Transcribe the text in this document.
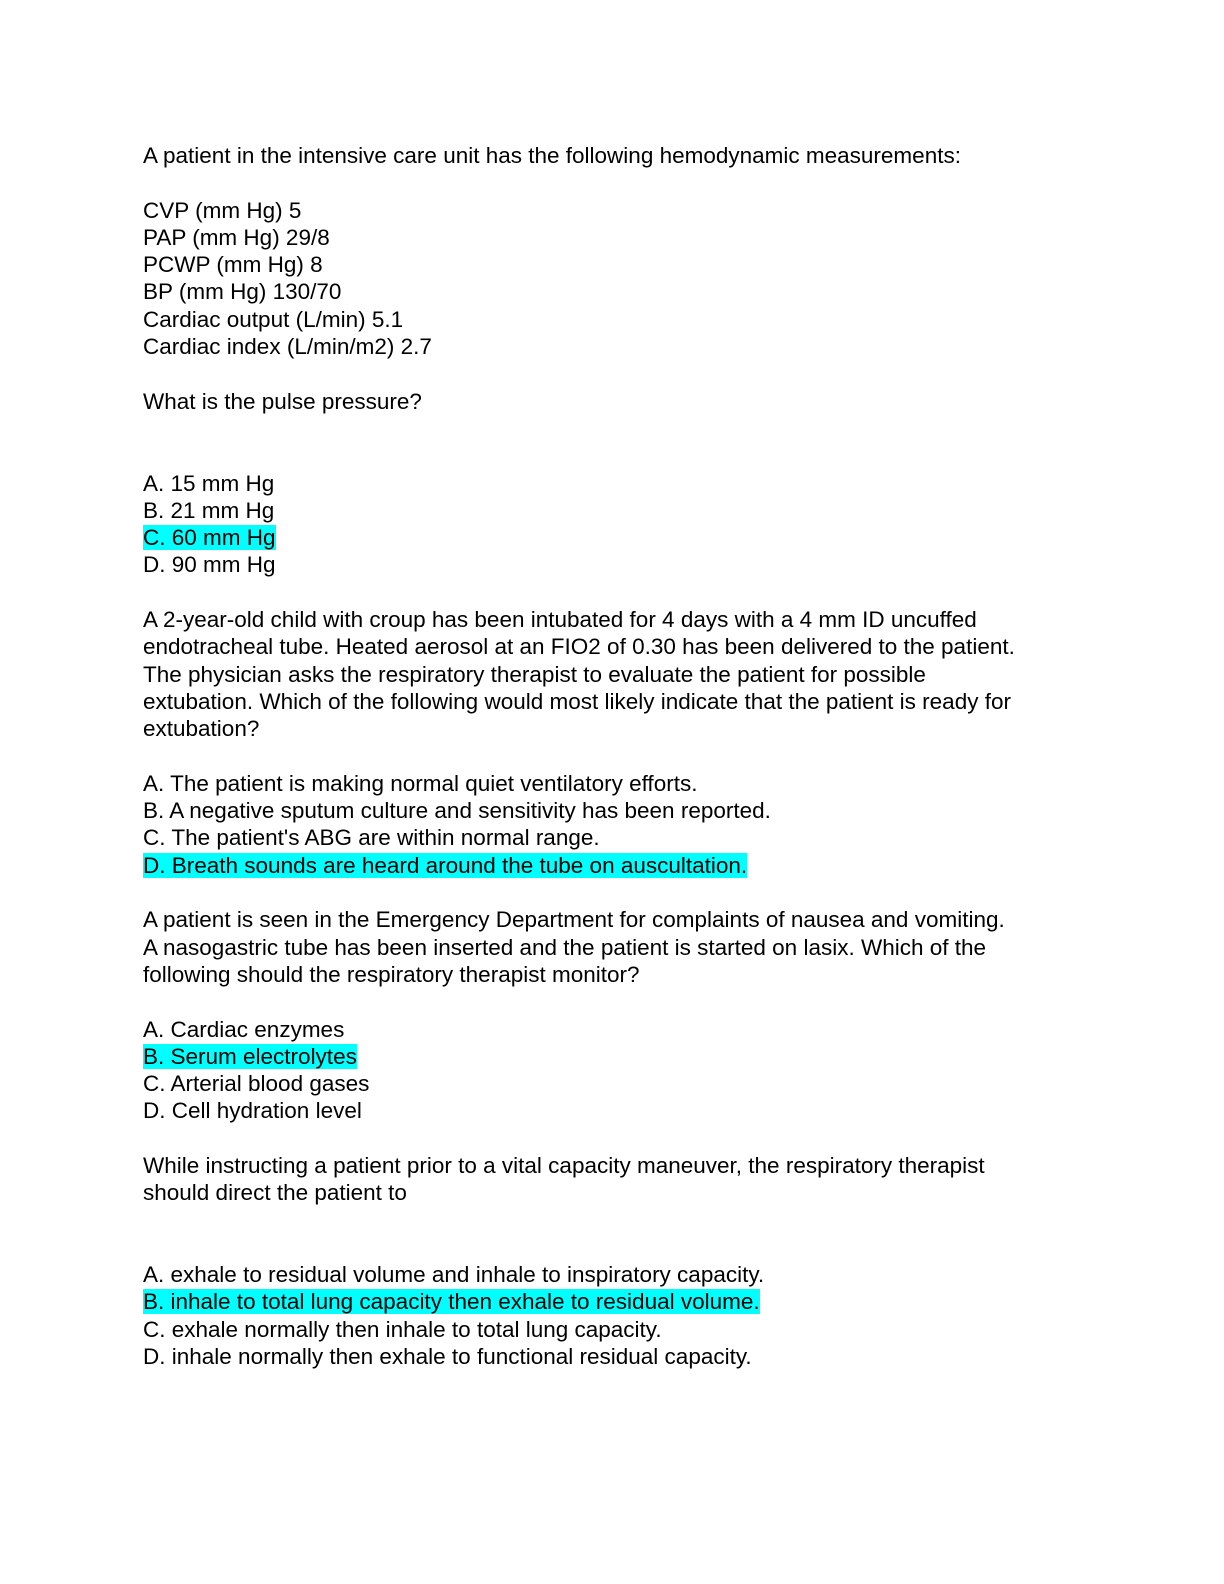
A patient in the intensive care unit has the following hemodynamic measurements:
CVP (mm Hg) 5
PAP (mm Hg) 29/8
PCWP (mm Hg) 8
BP (mm Hg) 130/70
Cardiac output (L/min) 5.1
Cardiac index (L/min/m2) 2.7
What is the pulse pressure?
A. 15 mm Hg
B. 21 mm Hg
C. 60 mm Hg
D. 90 mm Hg
A 2-year-old child with croup has been intubated for 4 days with a 4 mm ID uncuffed
endotracheal tube. Heated aerosol at an FIO2 of 0.30 has been delivered to the patient.
The physician asks the respiratory therapist to evaluate the patient for possible
extubation. Which of the following would most likely indicate that the patient is ready for
extubation?
A. The patient is making normal quiet ventilatory efforts.
B. A negative sputum culture and sensitivity has been reported.
C. The patient's ABG are within normal range.
D. Breath sounds are heard around the tube on auscultation.
A patient is seen in the Emergency Department for complaints of nausea and vomiting.
A nasogastric tube has been inserted and the patient is started on lasix. Which of the
following should the respiratory therapist monitor?
A. Cardiac enzymes
B. Serum electrolytes
C. Arterial blood gases
D. Cell hydration level
While instructing a patient prior to a vital capacity maneuver, the respiratory therapist
should direct the patient to
A. exhale to residual volume and inhale to inspiratory capacity.
B. inhale to total lung capacity then exhale to residual volume.
C. exhale normally then inhale to total lung capacity.
D. inhale normally then exhale to functional residual capacity.
